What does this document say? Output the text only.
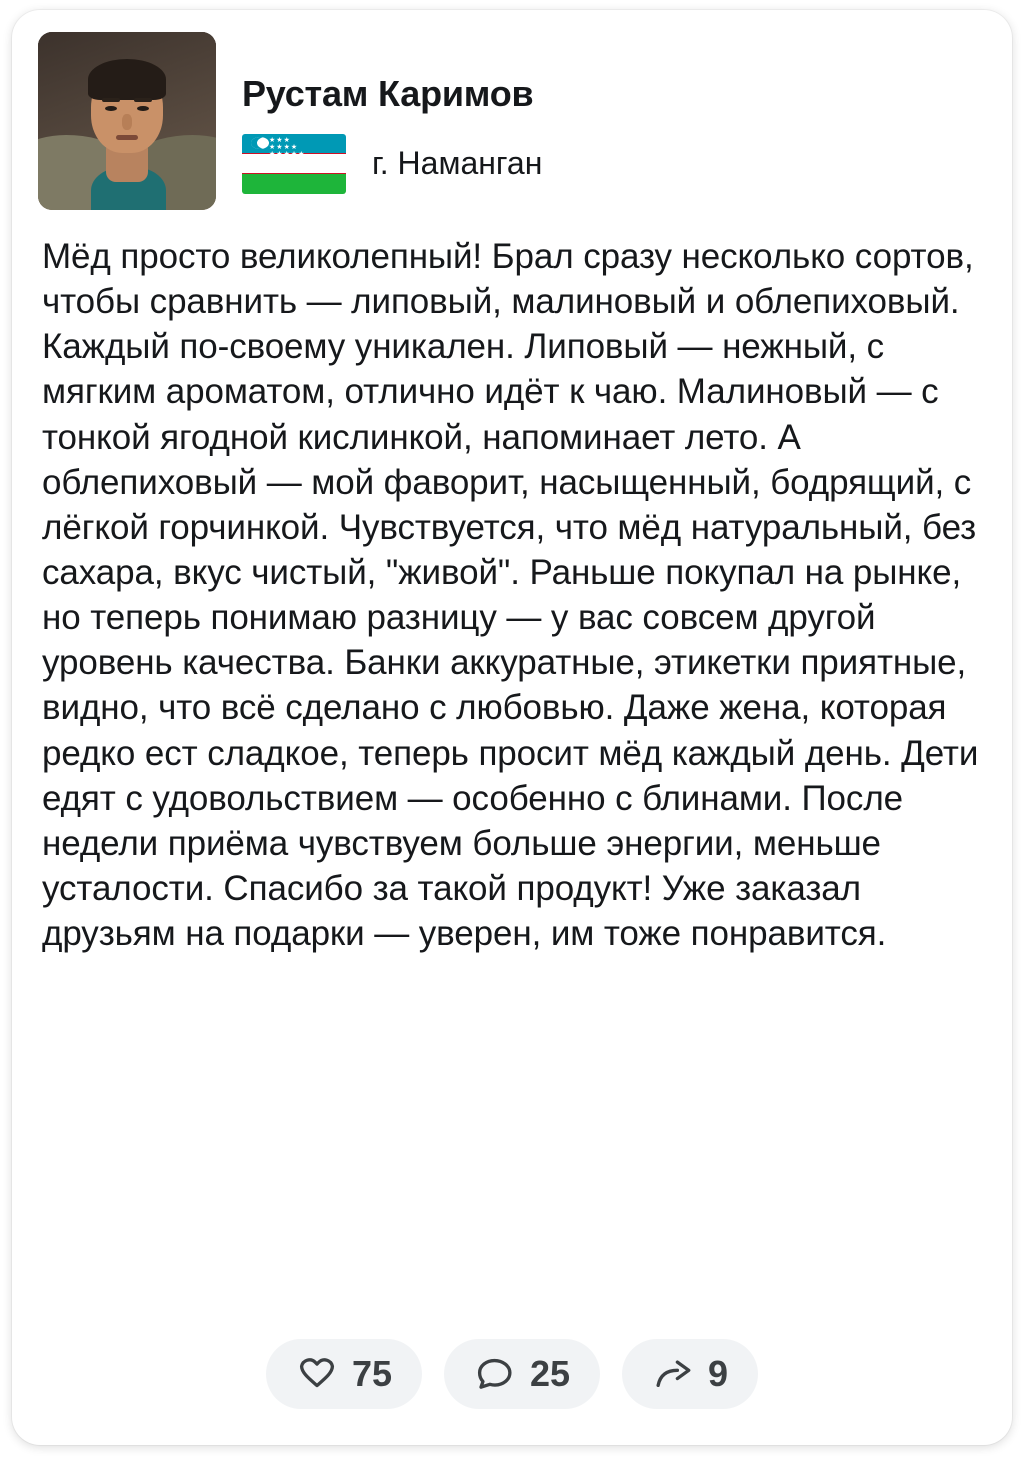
Рустам Каримов
★★★
★★★★
★★★★★	г. Наманган
Мёд просто великолепный! Брал сразу несколько сортов, чтобы сравнить — липовый, малиновый и облепиховый. Каждый по-своему уникален. Липовый — нежный, с мягким ароматом, отлично идёт к чаю. Малиновый — с тонкой ягодной кислинкой, напоминает лето. А облепиховый — мой фаворит, насыщенный, бодрящий, с лёгкой горчинкой. Чувствуется, что мёд натуральный, без сахара, вкус чистый, "живой". Раньше покупал на рынке, но теперь понимаю разницу — у вас совсем другой уровень качества. Банки аккуратные, этикетки приятные, видно, что всё сделано с любовью. Даже жена, которая редко ест сладкое, теперь просит мёд каждый день. Дети едят с удовольствием — особенно с блинами. После недели приёма чувствуем больше энергии, меньше усталости. Спасибо за такой продукт! Уже заказал друзьям на подарки — уверен, им тоже понравится.
75	25	9
